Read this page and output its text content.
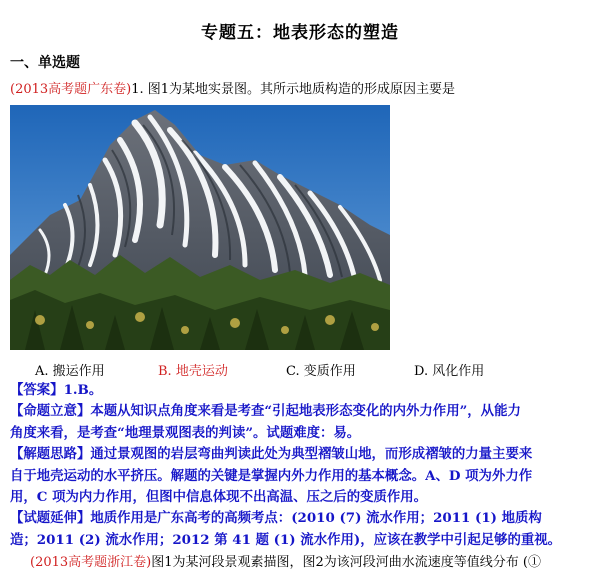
专题五：地表形态的塑造
一、单选题
(2013高考题广东卷)1. 图1为某地实景图。其所示地质构造的形成原因主要是
A. 搬运作用	B. 地壳运动	C. 变质作用	D. 风化作用
【答案】1.B。
【命题立意】本题从知识点角度来看是考查“引起地表形态变化的内外力作用”，从能力
角度来看，是考查“地理景观图表的判读”。试题难度：易。
【解题思路】通过景观图的岩层弯曲判读此处为典型褶皱山地，而形成褶皱的力量主要来
自于地壳运动的水平挤压。解题的关键是掌握内外力作用的基本概念。A、D 项为外力作
用，C 项为内力作用，但图中信息体现不出高温、压之后的变质作用。
【试题延伸】地质作用是广东高考的高频考点：(2010 (7) 流水作用；2011 (1) 地质构
造；2011 (2) 流水作用；2012 第 41 题 (1) 流水作用)，应该在教学中引起足够的重视。
(2013高考题浙江卷)图1为某河段景观素描图，图2为该河段河曲水流速度等值线分布 (①
